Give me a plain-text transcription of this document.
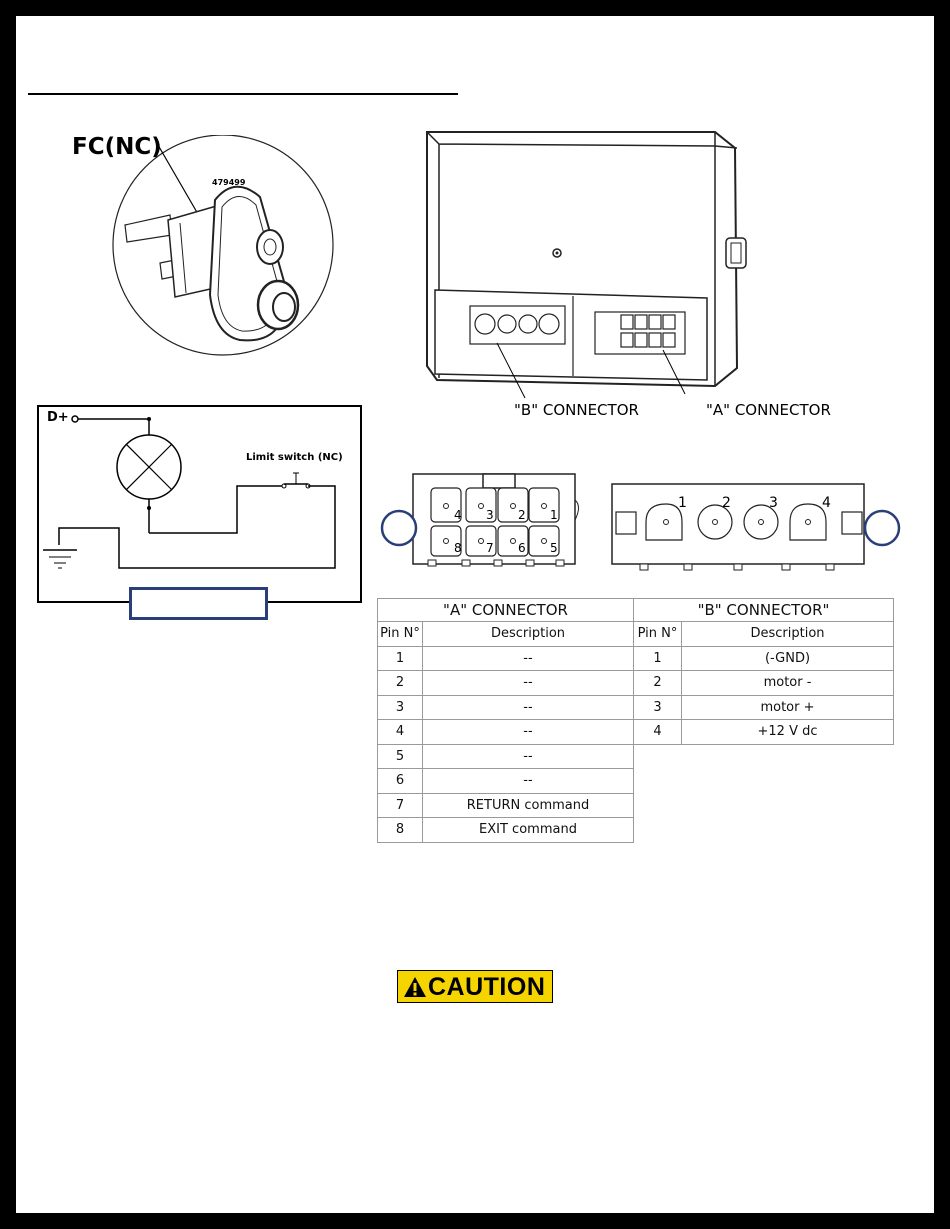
FC(NC)
479499
"B" CONNECTOR	"A" CONNECTOR
D+
Limit switch (NC)
4 3 2 1
8 7 6 5
1	2	3	4
"A" CONNECTOR	
Pin N°	Description
1	--
2	--
3	--
4	--
5	--
6	--
7	RETURN command
8	EXIT command
"B" CONNECTOR"	
Pin N°	Description
1	(-GND)
2	motor -
3	motor +
4	+12 V dc
CAUTION
